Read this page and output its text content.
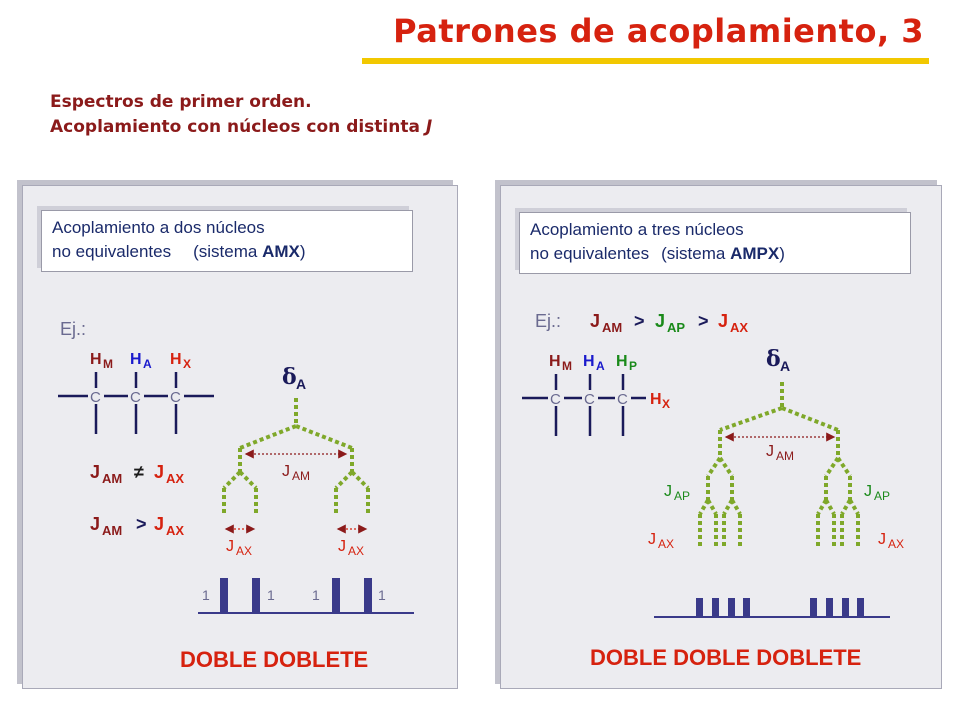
Patrones de acoplamiento, 3
Espectros de primer orden.
Acoplamiento con núcleos con distinta J
Acoplamiento a dos núcleos
no equivalentes (sistema AMX)
Acoplamiento a tres núcleos
no equivalentes (sistema AMPX)
Ej.:
H M H A H X
C C C
J AM ≠ J AX
J AM > J AX
δ A
J AM
J AX	J AX
1	1	1	1
DOBLE DOBLETE
Ej.: J AM > J AP > J AX
H M H A H P
H X
C C C
δ A
J AM
J AP	J AP
J AX	J AX
DOBLE DOBLE DOBLETE
